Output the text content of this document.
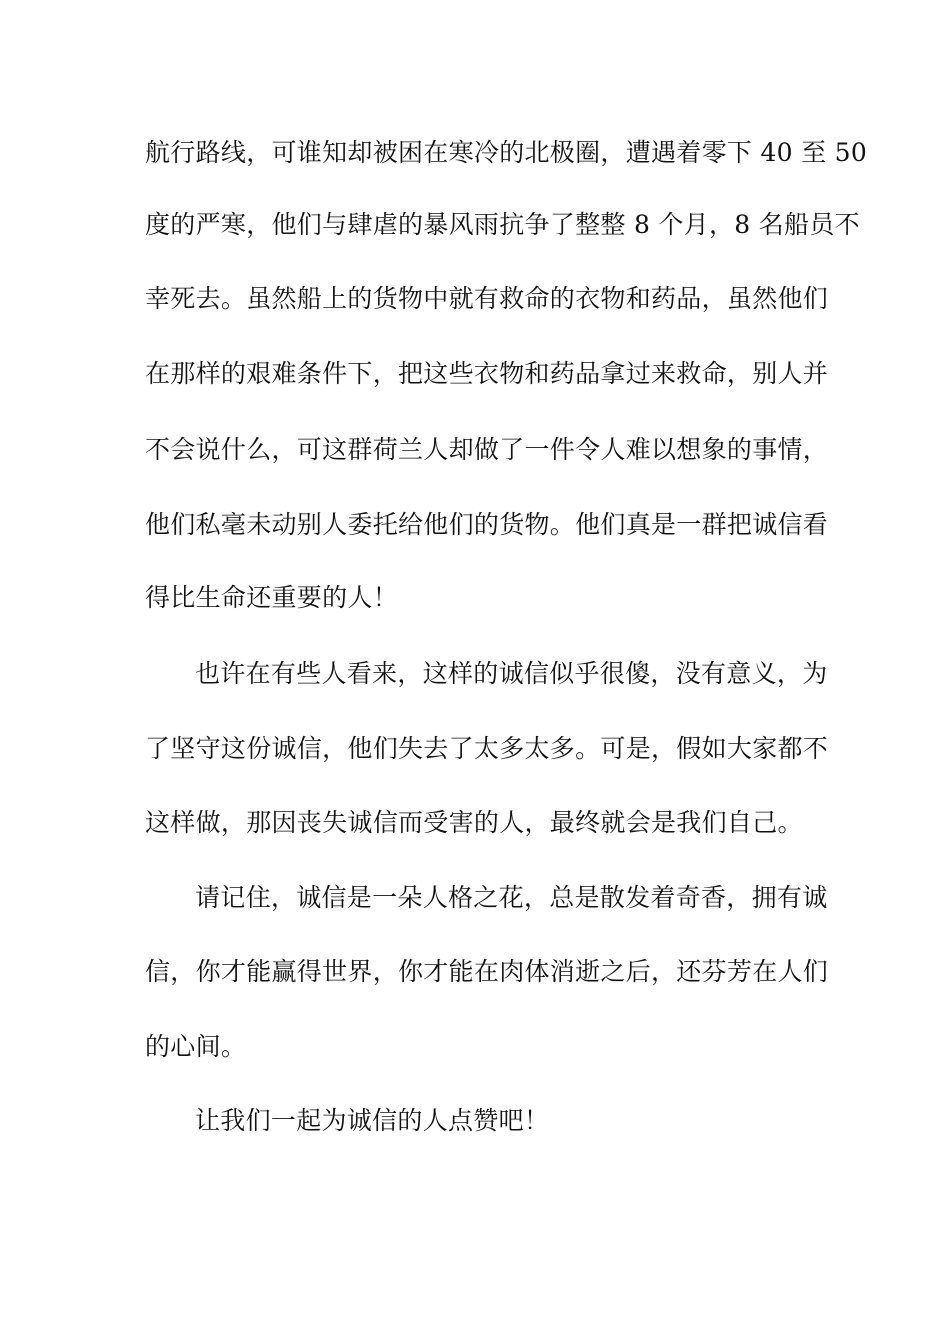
航行路线，可谁知却被困在寒冷的北极圈，遭遇着零下 40 至 50
度的严寒，他们与肆虐的暴风雨抗争了整整 8 个月，8 名船员不
幸死去。虽然船上的货物中就有救命的衣物和药品，虽然他们
在那样的艰难条件下，把这些衣物和药品拿过来救命，别人并
不会说什么，可这群荷兰人却做了一件令人难以想象的事情，
他们私毫未动别人委托给他们的货物。他们真是一群把诚信看
得比生命还重要的人！
也许在有些人看来，这样的诚信似乎很傻，没有意义，为
了坚守这份诚信，他们失去了太多太多。可是，假如大家都不
这样做，那因丧失诚信而受害的人，最终就会是我们自己。
请记住，诚信是一朵人格之花，总是散发着奇香，拥有诚
信，你才能赢得世界，你才能在肉体消逝之后，还芬芳在人们
的心间。
让我们一起为诚信的人点赞吧！
